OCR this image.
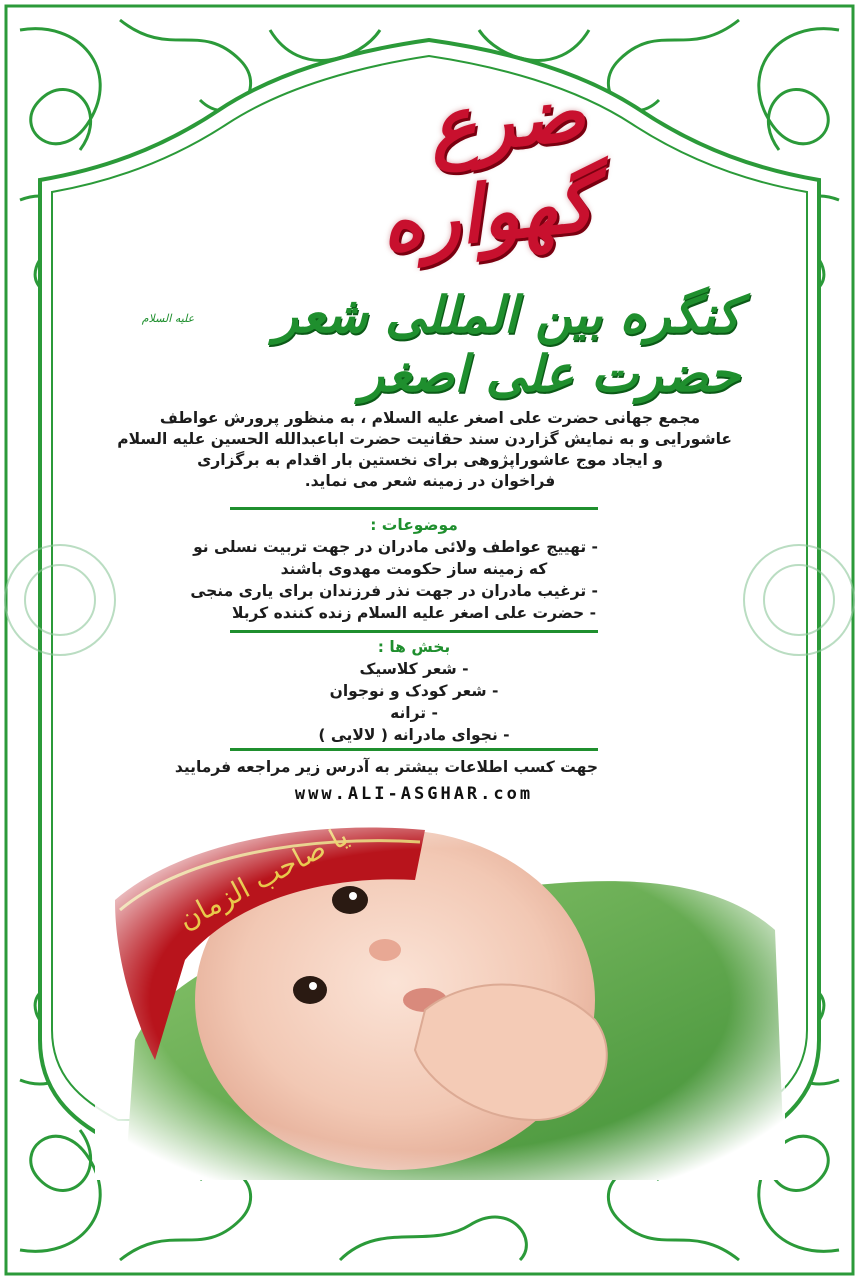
ضرع گهواره
کنگره بین المللی شعر حضرت علی اصغر
علیه السلام
مجمع جهانی حضرت علی اصغر علیه السلام ، به منظور پرورش عواطف
عاشورایی و به نمایش گزاردن سند حقانیت حضرت اباعبدالله الحسین علیه السلام
و ایجاد موج عاشوراپژوهی برای نخستین بار اقدام به برگزاری
فراخوان در زمینه شعر می نماید.
موضوعات :
- تهییج عواطف ولائی مادران در جهت تربیت نسلی نو
که زمینه ساز حکومت مهدوی باشند
- ترغیب مادران در جهت نذر فرزندان برای یاری منجی
- حضرت علی اصغر علیه السلام زنده کننده کربلا
بخش ها :
- شعر کلاسیک
- شعر کودک و نوجوان
- ترانه
- نجوای مادرانه ( لالایی )
جهت کسب اطلاعات بیشتر به آدرس زیر مراجعه فرمایید
www.ALI-ASGHAR.com
